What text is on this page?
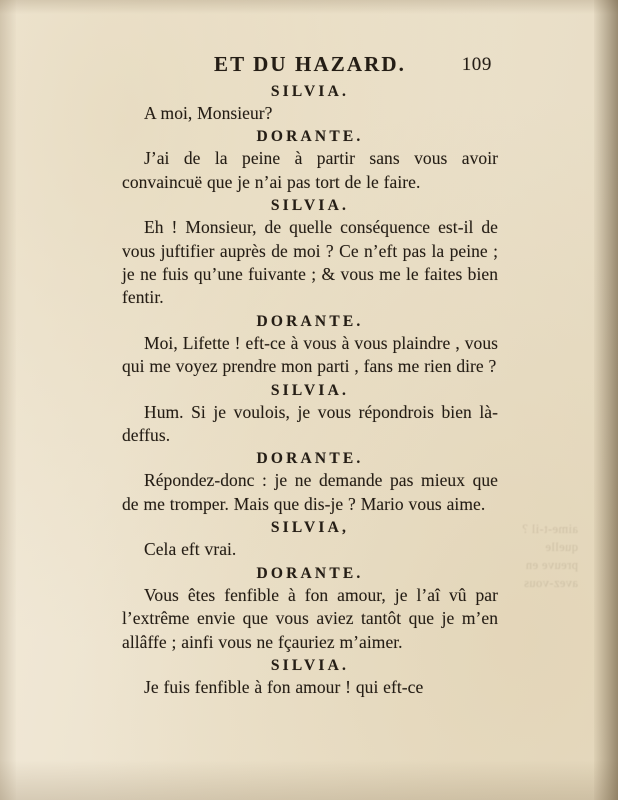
aime-t-il ? quelle preuve en avez-vous
ET DU HAZARD.	109
SILVIA.

A moi, Monsieur?

DORANTE.

J’ai de la peine à partir sans vous avoir convaincuë que je n’ai pas tort de le faire.

SILVIA.

Eh ! Monsieur, de quelle conséquence est-il de vous juftifier auprès de moi ? Ce n’eft pas la peine ; je ne fuis qu’une fuivante ; & vous me le faites bien fentir.

DORANTE.

Moi, Lifette ! eft-ce à vous à vous plaindre , vous qui me voyez prendre mon parti , fans me rien dire ?

SILVIA.

Hum. Si je voulois, je vous répondrois bien là-deffus.

DORANTE.

Répondez-donc : je ne demande pas mieux que de me tromper. Mais que dis-je ? Mario vous aime.

SILVIA,

Cela eft vrai.

DORANTE.

Vous êtes fenfible à fon amour, je l’aî vû par l’extrême envie que vous aviez tantôt que je m’en allâffe ; ainfi vous ne fçauriez m’aimer.

SILVIA.

Je fuis fenfible à fon amour ! qui eft-ce
